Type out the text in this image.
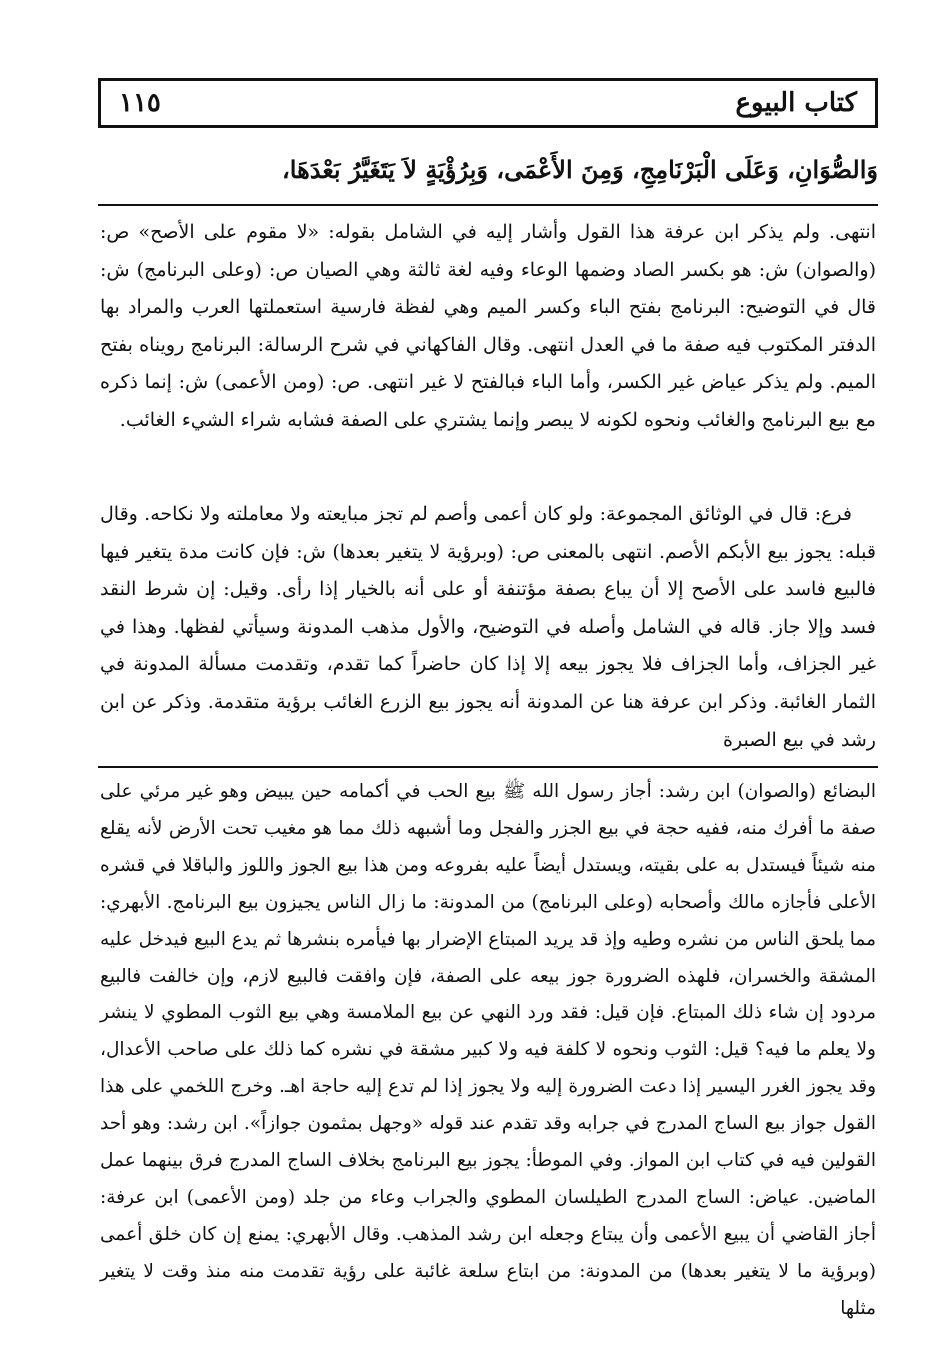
١١٥	كتاب البيوع
وَالصُّوَانِ، وَعَلَى الْبَرْنَامِجِ، وَمِنَ الأَعْمَى، وَبِرُؤْيَةٍ لاَ يَتَغَيَّرُ بَعْدَهَا،

انتهى. ولم يذكر ابن عرفة هذا القول وأشار إليه في الشامل بقوله: «لا مقوم على الأصح» ص: (والصوان) ش: هو بكسر الصاد وضمها الوعاء وفيه لغة ثالثة وهي الصيان ص: (وعلى البرنامج) ش: قال في التوضيح: البرنامج بفتح الباء وكسر الميم وهي لفظة فارسية استعملتها العرب والمراد بها الدفتر المكتوب فيه صفة ما في العدل انتهى. وقال الفاكهاني في شرح الرسالة: البرنامج رويناه بفتح الميم. ولم يذكر عياض غير الكسر، وأما الباء فبالفتح لا غير انتهى. ص: (ومن الأعمى) ش: إنما ذكره مع بيع البرنامج والغائب ونحوه لكونه لا يبصر وإنما يشتري على الصفة فشابه شراء الشيء الغائب.

فرع: قال في الوثائق المجموعة: ولو كان أعمى وأصم لم تجز مبايعته ولا معاملته ولا نكاحه. وقال قبله: يجوز بيع الأبكم الأصم. انتهى بالمعنى ص: (وبرؤية لا يتغير بعدها) ش: فإن كانت مدة يتغير فيها فالبيع فاسد على الأصح إلا أن يباع بصفة مؤتنفة أو على أنه بالخيار إذا رأى. وقيل: إن شرط النقد فسد وإلا جاز. قاله في الشامل وأصله في التوضيح، والأول مذهب المدونة وسيأتي لفظها. وهذا في غير الجزاف، وأما الجزاف فلا يجوز بيعه إلا إذا كان حاضراً كما تقدم، وتقدمت مسألة المدونة في الثمار الغائبة. وذكر ابن عرفة هنا عن المدونة أنه يجوز بيع الزرع الغائب برؤية متقدمة. وذكر عن ابن رشد في بيع الصبرة

البضائع (والصوان) ابن رشد: أجاز رسول الله ﷺ بيع الحب في أكمامه حين يبيض وهو غير مرئي على صفة ما أفرك منه، ففيه حجة في بيع الجزر والفجل وما أشبهه ذلك مما هو مغيب تحت الأرض لأنه يقلع منه شيئاً فيستدل به على بقيته، ويستدل أيضاً عليه بفروعه ومن هذا بيع الجوز واللوز والباقلا في قشره الأعلى فأجازه مالك وأصحابه (وعلى البرنامج) من المدونة: ما زال الناس يجيزون بيع البرنامج. الأبهري: مما يلحق الناس من نشره وطيه وإذ قد يريد المبتاع الإضرار بها فيأمره بنشرها ثم يدع البيع فيدخل عليه المشقة والخسران، فلهذه الضرورة جوز بيعه على الصفة، فإن وافقت فالبيع لازم، وإن خالفت فالبيع مردود إن شاء ذلك المبتاع. فإن قيل: فقد ورد النهي عن بيع الملامسة وهي بيع الثوب المطوي لا ينشر ولا يعلم ما فيه؟ قيل: الثوب ونحوه لا كلفة فيه ولا كبير مشقة في نشره كما ذلك على صاحب الأعدال، وقد يجوز الغرر اليسير إذا دعت الضرورة إليه ولا يجوز إذا لم تدع إليه حاجة اهـ. وخرج اللخمي على هذا القول جواز بيع الساج المدرج في جرابه وقد تقدم عند قوله «وجهل بمثمون جوازاً». ابن رشد: وهو أحد القولين فيه في كتاب ابن المواز. وفي الموطأ: يجوز بيع البرنامج بخلاف الساج المدرج فرق بينهما عمل الماضين. عياض: الساج المدرج الطيلسان المطوي والجراب وعاء من جلد (ومن الأعمى) ابن عرفة: أجاز القاضي أن يبيع الأعمى وأن يبتاع وجعله ابن رشد المذهب. وقال الأبهري: يمنع إن كان خلق أعمى (وبرؤية ما لا يتغير بعدها) من المدونة: من ابتاع سلعة غائبة على رؤية تقدمت منه منذ وقت لا يتغير مثلها
